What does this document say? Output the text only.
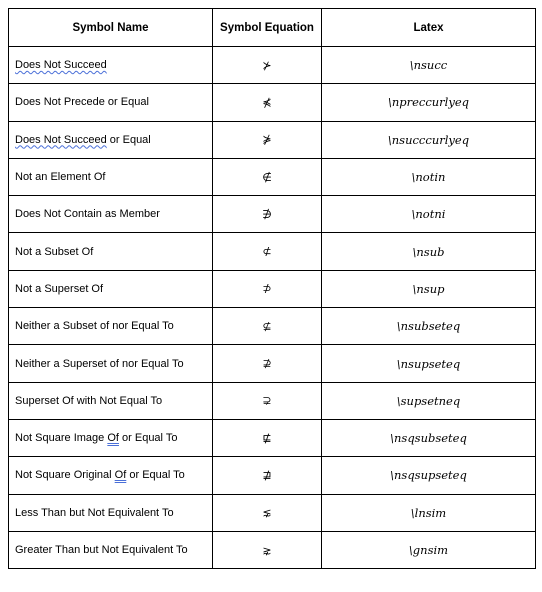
Symbol Name	Symbol Equation	Latex
Does Not Succeed	⊁	\nsucc
Does Not Precede or Equal	⋠	\npreccurlyeq
Does Not Succeed or Equal	⋡	\nsucccurlyeq
Not an Element Of	∉	\notin
Does Not Contain as Member	∌	\notni
Not a Subset Of	⊄	\nsub
Not a Superset Of	⊅	\nsup
Neither a Subset of nor Equal To	⊈	\nsubseteq
Neither a Superset of nor Equal To	⊉	\nsupseteq
Superset Of with Not Equal To	⊋	\supsetneq
Not Square Image Of or Equal To	⋢	\nsqsubseteq
Not Square Original Of or Equal To	⋣	\nsqsupseteq
Less Than but Not Equivalent To	⋦	\lnsim
Greater Than but Not Equivalent To	⋧	\gnsim
